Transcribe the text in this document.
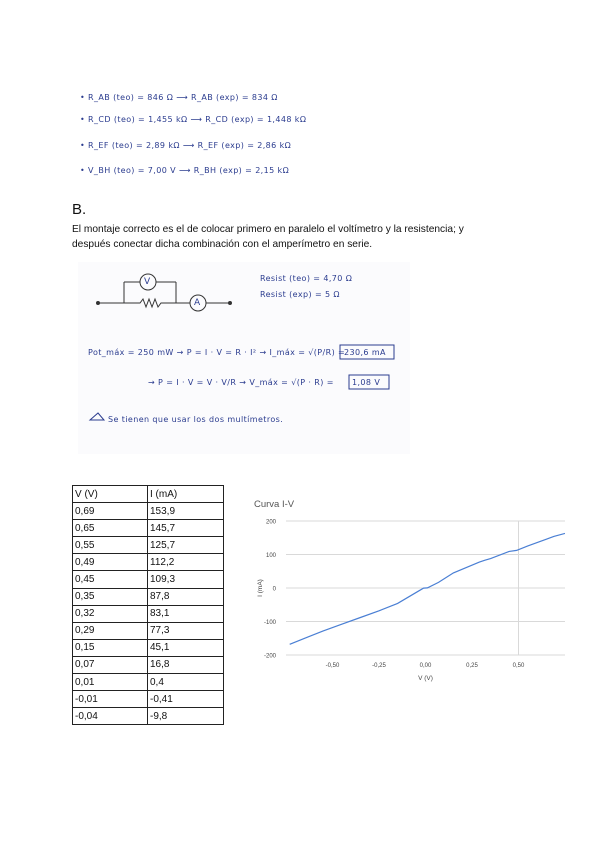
• R_AB (teo) = 846 Ω ⟶ R_AB (exp) = 834 Ω
• R_CD (teo) = 1,455 kΩ ⟶ R_CD (exp) = 1,448 kΩ
• R_EF (teo) = 2,89 kΩ ⟶ R_EF (exp) = 2,86 kΩ
• V_BH (teo) = 7,00 V ⟶ R_BH (exp) = 2,15 kΩ
B.
El montaje correcto es el de colocar primero en paralelo el voltímetro y la resistencia; y
después conectar dicha combinación con el amperímetro en serie.
V
A
Resist (teo) = 4,70 Ω
Resist (exp) = 5 Ω
Pot_máx = 250 mW → P = I · V = R · I² → I_máx = √(P/R) =
230,6 mA
→ P = I · V = V · V/R → V_máx = √(P · R) = 1,08 V
Se tienen que usar los dos multímetros.
V (V)	I (mA)
0,69	153,9
0,65	145,7
0,55	125,7
0,49	112,2
0,45	109,3
0,35	87,8
0,32	83,1
0,29	77,3
0,15	45,1
0,07	16,8
0,01	0,4
-0,01	-0,41
-0,04	-9,8
Curva I-V
200
100
0
-100
-200
-0,50	-0,25	0,00	0,25	0,50
V (V)
I (mA)
